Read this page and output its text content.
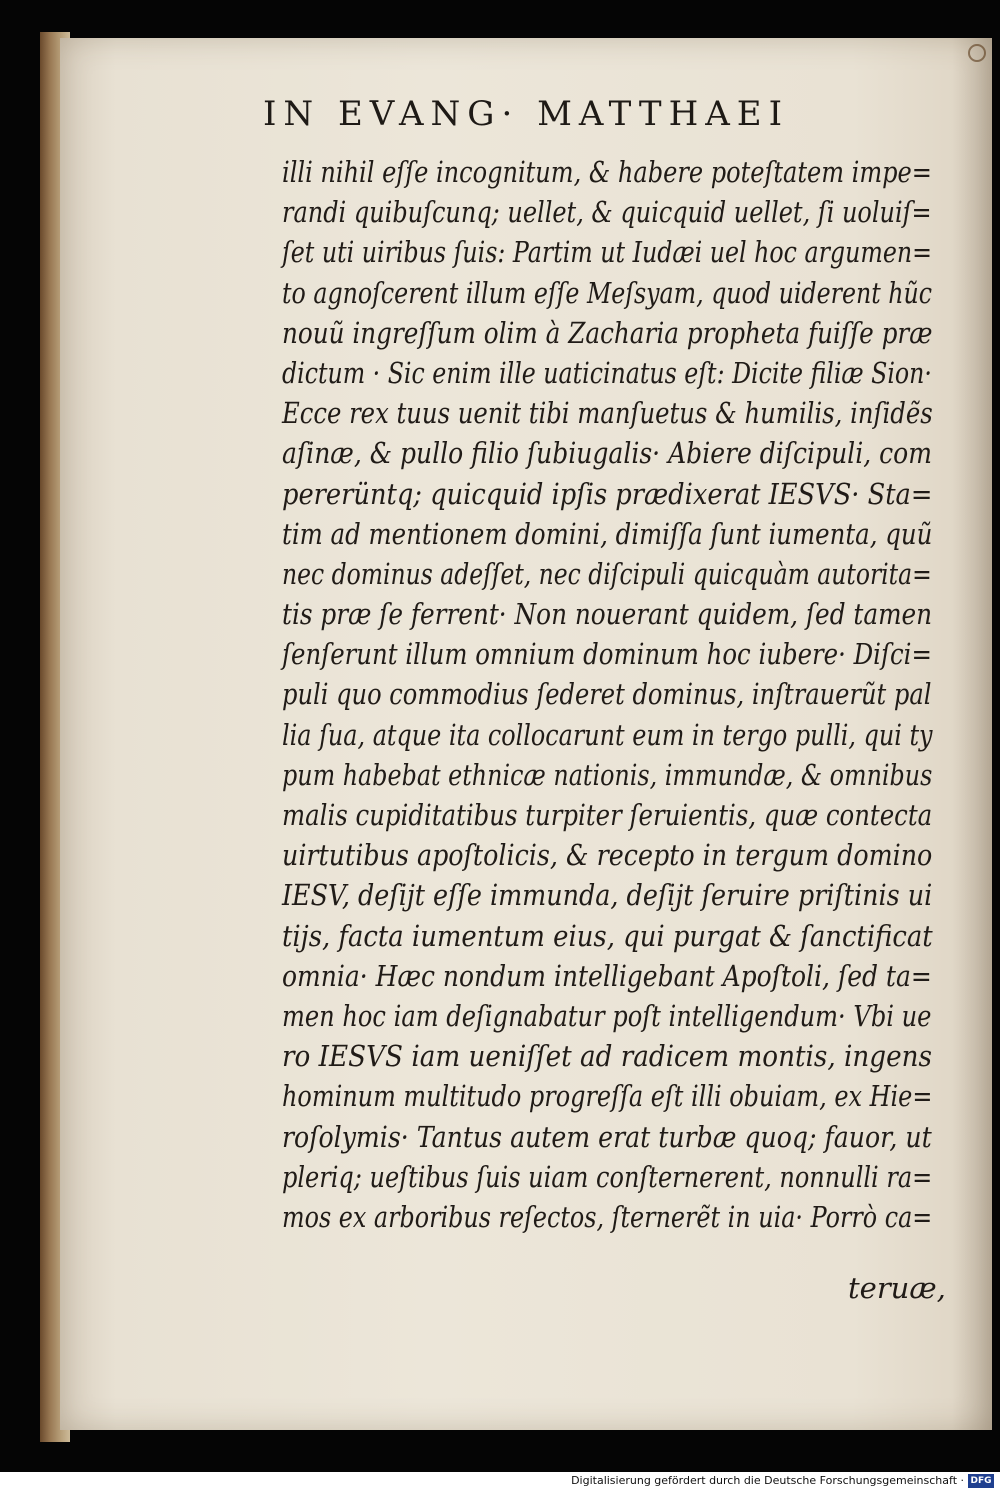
IN EVANG· MATTHAEI
illi nihil eſſe incognitum, & habere poteſtatem impe=
randi quibuſcunq; uellet, & quicquid uellet, ſi uoluiſ=
ſet uti uiribus ſuis: Partim ut Iudæi uel hoc argumen=
to agnoſcerent illum eſſe Meſsyam, quod uiderent hũc
nouũ ingreſſum olim à Zacharia propheta fuiſſe præ
dictum · Sic enim ille uaticinatus eſt: Dicite filiæ Sion·
Ecce rex tuus uenit tibi manſuetus & humilis, inſidẽs
aſinæ, & pullo filio ſubiugalis· Abiere diſcipuli, com
pererüntq; quicquid ipſis prædixerat IESVS· Sta=
tim ad mentionem domini, dimiſſa ſunt iumenta, quũ
nec dominus adeſſet, nec diſcipuli quicquàm autorita=
tis præ ſe ferrent· Non nouerant quidem, ſed tamen
ſenſerunt illum omnium dominum hoc iubere· Diſci=
puli quo commodius ſederet dominus, inſtrauerũt pal
lia ſua, atque ita collocarunt eum in tergo pulli, qui ty
pum habebat ethnicæ nationis, immundæ, & omnibus
malis cupiditatibus turpiter ſeruientis, quæ contecta
uirtutibus apoſtolicis, & recepto in tergum domino
IESV, deſijt eſſe immunda, deſijt ſeruire priſtinis ui
tijs, facta iumentum eius, qui purgat & ſanctificat
omnia· Hæc nondum intelligebant Apoſtoli, ſed ta=
men hoc iam deſignabatur poſt intelligendum· Vbi ue
ro IESVS iam ueniſſet ad radicem montis, ingens
hominum multitudo progreſſa eſt illi obuiam, ex Hie=
roſolymis· Tantus autem erat turbæ quoq; fauor, ut
pleriq; ueſtibus ſuis uiam conſternerent, nonnulli ra=
mos ex arboribus reſectos, ſternerẽt in uia· Porrò ca=
teruæ,
Digitalisierung gefördert durch die Deutsche Forschungsgemeinschaft · DFG
